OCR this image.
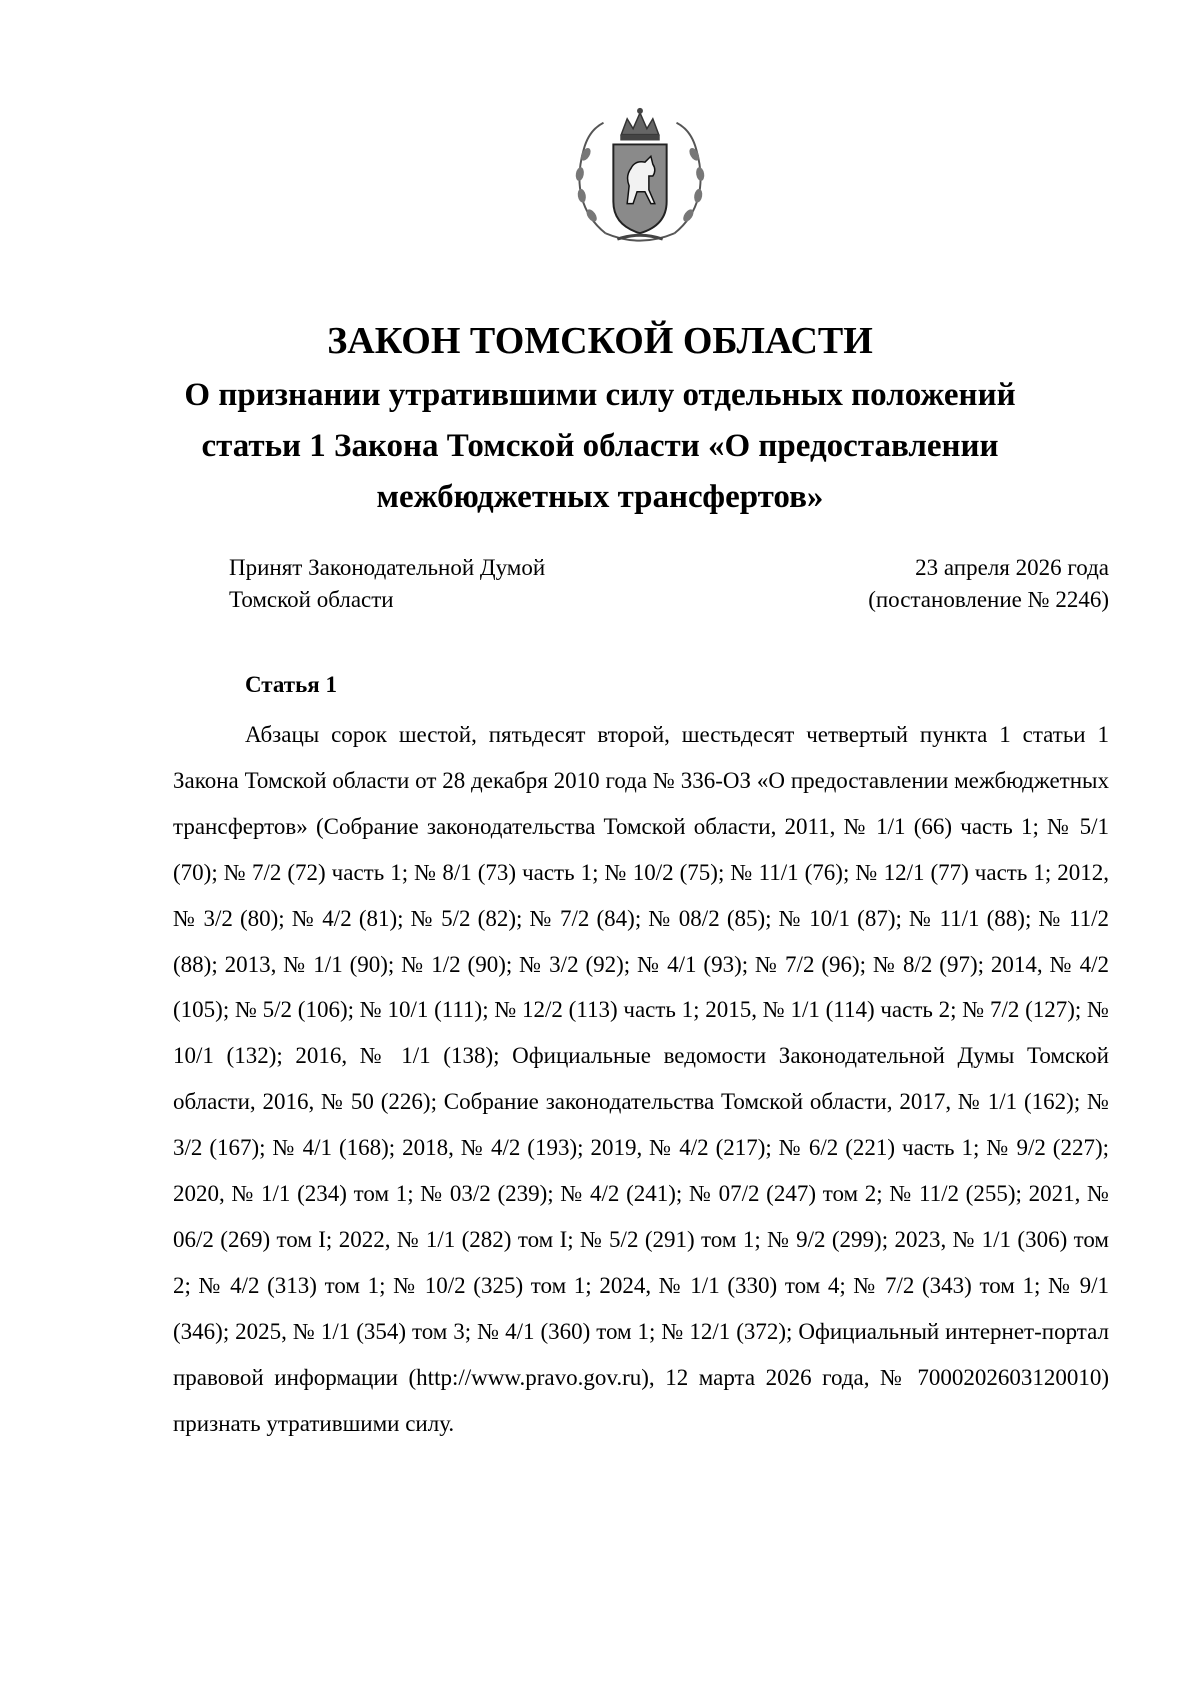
ЗАКОН ТОМСКОЙ ОБЛАСТИ
О признании утратившими силу отдельных положений статьи 1 Закона Томской области «О предоставлении межбюджетных трансфертов»
Принят Законодательной Думой
Томской области
23 апреля 2026 года
(постановление № 2246)
Статья 1

Абзацы сорок шестой, пятьдесят второй, шестьдесят четвертый пункта 1 статьи 1 Закона Томской области от 28 декабря 2010 года № 336-ОЗ «О предоставлении межбюджетных трансфертов» (Собрание законодательства Томской области, 2011, № 1/1 (66) часть 1; № 5/1 (70); № 7/2 (72) часть 1; № 8/1 (73) часть 1; № 10/2 (75); № 11/1 (76); № 12/1 (77) часть 1; 2012, № 3/2 (80); № 4/2 (81); № 5/2 (82); № 7/2 (84); № 08/2 (85); № 10/1 (87); № 11/1 (88); № 11/2 (88); 2013, № 1/1 (90); № 1/2 (90); № 3/2 (92); № 4/1 (93); № 7/2 (96); № 8/2 (97); 2014, № 4/2 (105); № 5/2 (106); № 10/1 (111); № 12/2 (113) часть 1; 2015, № 1/1 (114) часть 2; № 7/2 (127); № 10/1 (132); 2016, № 1/1 (138); Официальные ведомости Законодательной Думы Томской области, 2016, № 50 (226); Собрание законодательства Томской области, 2017, № 1/1 (162); № 3/2 (167); № 4/1 (168); 2018, № 4/2 (193); 2019, № 4/2 (217); № 6/2 (221) часть 1; № 9/2 (227); 2020, № 1/1 (234) том 1; № 03/2 (239); № 4/2 (241); № 07/2 (247) том 2; № 11/2 (255); 2021, № 06/2 (269) том I; 2022, № 1/1 (282) том I; № 5/2 (291) том 1; № 9/2 (299); 2023, № 1/1 (306) том 2; № 4/2 (313) том 1; № 10/2 (325) том 1; 2024, № 1/1 (330) том 4; № 7/2 (343) том 1; № 9/1 (346); 2025, № 1/1 (354) том 3; № 4/1 (360) том 1; № 12/1 (372); Официальный интернет-портал правовой информации (http://www.pravo.gov.ru), 12 марта 2026 года, № 7000202603120010) признать утратившими силу.
